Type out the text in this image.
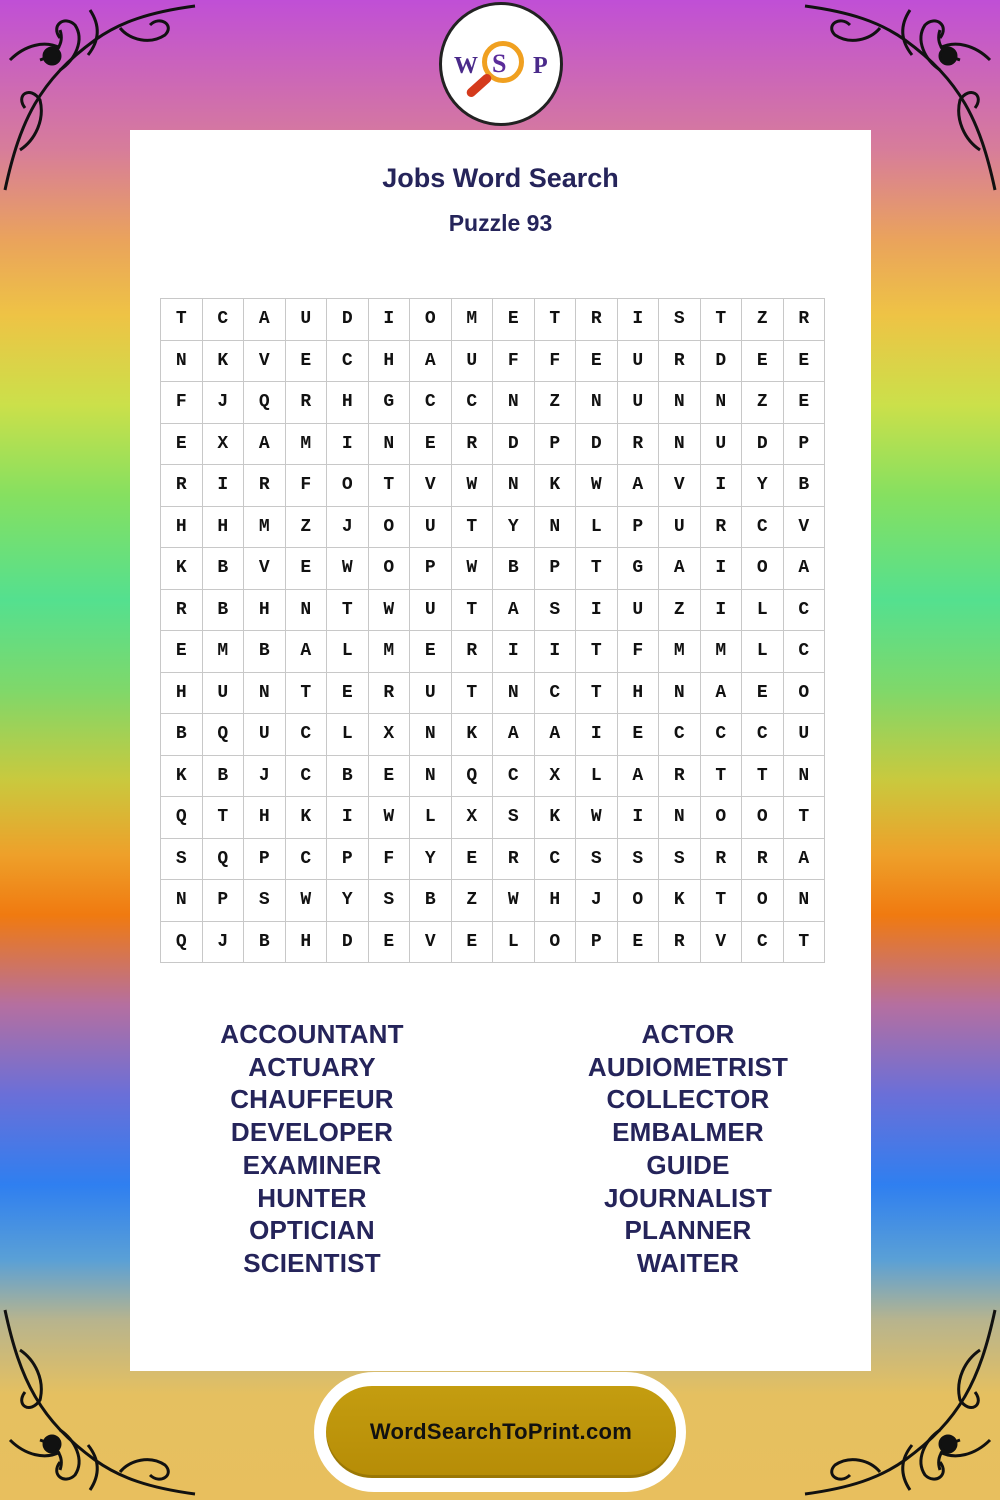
W S P
Jobs Word Search
Puzzle 93
T	C	A	U	D	I	O	M	E	T	R	I	S	T	Z	R
N	K	V	E	C	H	A	U	F	F	E	U	R	D	E	E
F	J	Q	R	H	G	C	C	N	Z	N	U	N	N	Z	E
E	X	A	M	I	N	E	R	D	P	D	R	N	U	D	P
R	I	R	F	O	T	V	W	N	K	W	A	V	I	Y	B
H	H	M	Z	J	O	U	T	Y	N	L	P	U	R	C	V
K	B	V	E	W	O	P	W	B	P	T	G	A	I	O	A
R	B	H	N	T	W	U	T	A	S	I	U	Z	I	L	C
E	M	B	A	L	M	E	R	I	I	T	F	M	M	L	C
H	U	N	T	E	R	U	T	N	C	T	H	N	A	E	O
B	Q	U	C	L	X	N	K	A	A	I	E	C	C	C	U
K	B	J	C	B	E	N	Q	C	X	L	A	R	T	T	N
Q	T	H	K	I	W	L	X	S	K	W	I	N	O	O	T
S	Q	P	C	P	F	Y	E	R	C	S	S	S	R	R	A
N	P	S	W	Y	S	B	Z	W	H	J	O	K	T	O	N
Q	J	B	H	D	E	V	E	L	O	P	E	R	V	C	T
ACCOUNTANT
ACTUARY
CHAUFFEUR
DEVELOPER
EXAMINER
HUNTER
OPTICIAN
SCIENTIST
ACTOR
AUDIOMETRIST
COLLECTOR
EMBALMER
GUIDE
JOURNALIST
PLANNER
WAITER
WordSearchToPrint.com
